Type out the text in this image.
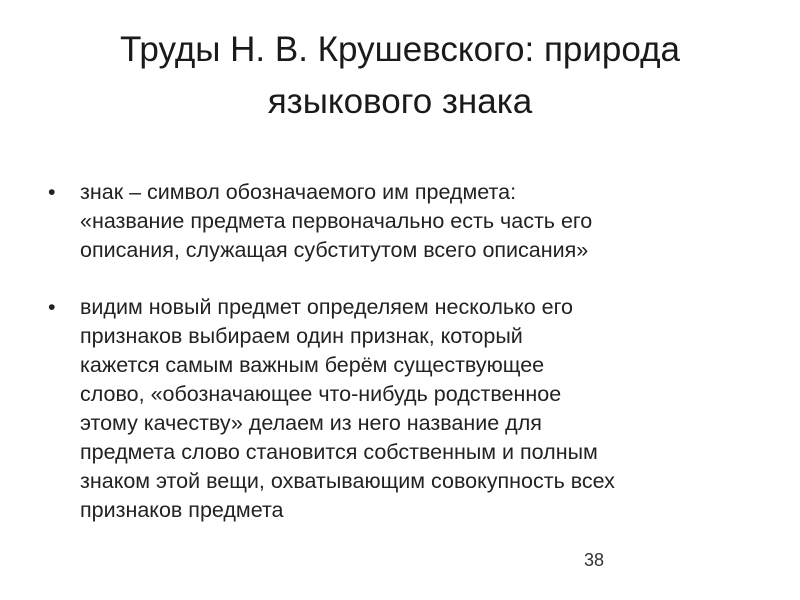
Труды Н. В. Крушевского: природа
языкового знака
• знак – символ обозначаемого им предмета:
«название предмета первоначально есть часть его
описания, служащая субститутом всего описания»
• видим новый предмет определяем несколько его
признаков выбираем один признак, который
кажется самым важным берём существующее
слово, «обозначающее что-нибудь родственное
этому качеству» делаем из него название для
предмета слово становится собственным и полным
знаком этой вещи, охватывающим совокупность всех
признаков предмета
38
